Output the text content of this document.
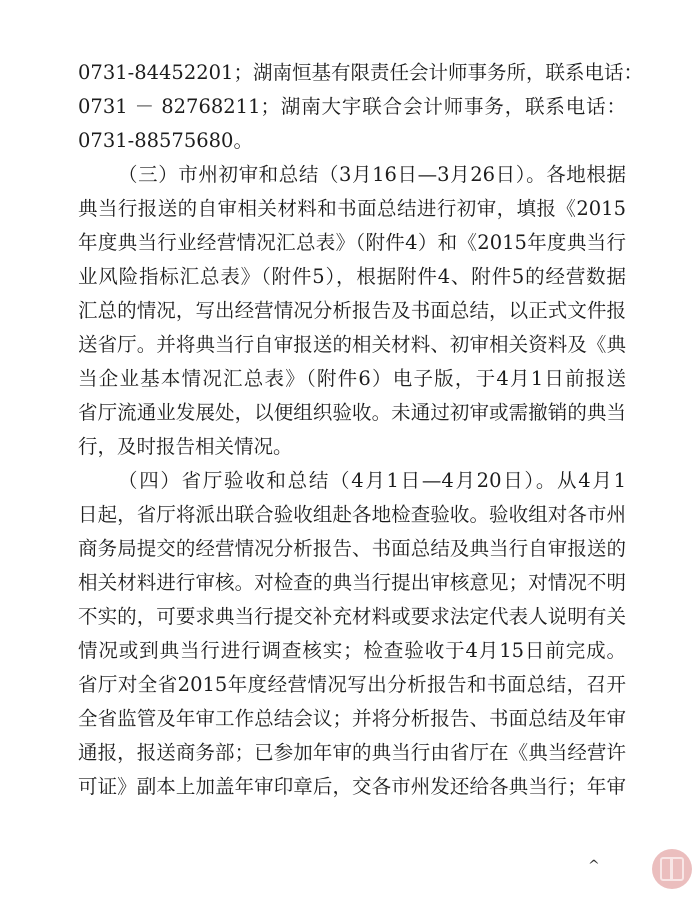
0731-84452201；湖南恒基有限责任会计师事务所，联系电话：
0731 － 82768211；湖南大宇联合会计师事务，联系电话：
0731-88575680。
（三）市州初审和总结（3月16日—3月26日）。各地根据
典当行报送的自审相关材料和书面总结进行初审，填报《2015
年度典当行业经营情况汇总表》（附件4）和《2015年度典当行
业风险指标汇总表》（附件5），根据附件4、附件5的经营数据
汇总的情况，写出经营情况分析报告及书面总结，以正式文件报
送省厅。并将典当行自审报送的相关材料、初审相关资料及《典
当企业基本情况汇总表》（附件6）电子版，于4月1日前报送
省厅流通业发展处，以便组织验收。未通过初审或需撤销的典当
行，及时报告相关情况。
（四）省厅验收和总结（4月1日—4月20日）。从4月1
日起，省厅将派出联合验收组赴各地检查验收。验收组对各市州
商务局提交的经营情况分析报告、书面总结及典当行自审报送的
相关材料进行审核。对检查的典当行提出审核意见；对情况不明
不实的，可要求典当行提交补充材料或要求法定代表人说明有关
情况或到典当行进行调查核实；检查验收于4月15日前完成。
省厅对全省2015年度经营情况写出分析报告和书面总结，召开
全省监管及年审工作总结会议；并将分析报告、书面总结及年审
通报，报送商务部；已参加年审的典当行由省厅在《典当经营许
可证》副本上加盖年审印章后，交各市州发还给各典当行；年审
^
